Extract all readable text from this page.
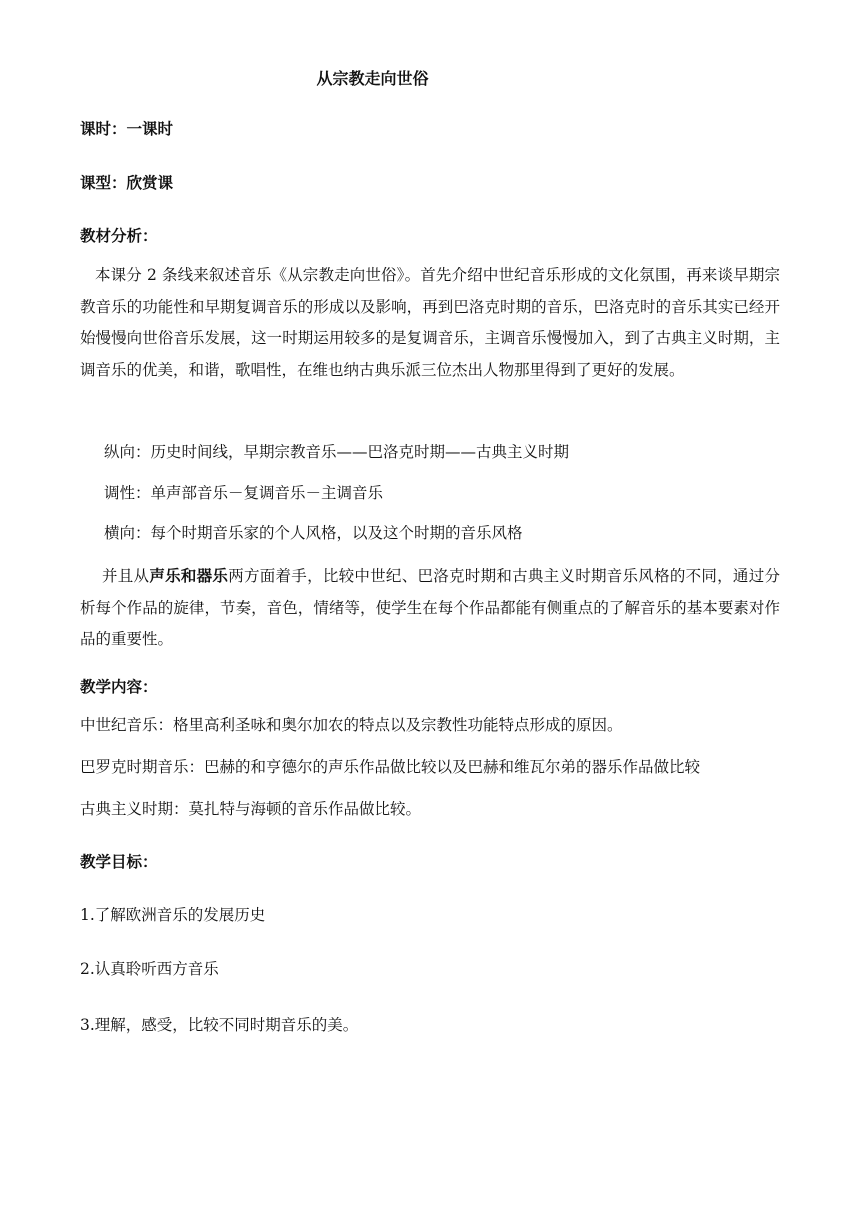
从宗教走向世俗
课时：一课时
课型：欣赏课
教材分析：
本课分 2 条线来叙述音乐《从宗教走向世俗》。首先介绍中世纪音乐形成的文化氛围，再来谈早期宗教音乐的功能性和早期复调音乐的形成以及影响，再到巴洛克时期的音乐，巴洛克时的音乐其实已经开始慢慢向世俗音乐发展，这一时期运用较多的是复调音乐，主调音乐慢慢加入，到了古典主义时期，主调音乐的优美，和谐，歌唱性，在维也纳古典乐派三位杰出人物那里得到了更好的发展。
纵向：历史时间线，早期宗教音乐——巴洛克时期——古典主义时期
调性：单声部音乐－复调音乐－主调音乐
横向：每个时期音乐家的个人风格，以及这个时期的音乐风格
并且从声乐和器乐两方面着手，比较中世纪、巴洛克时期和古典主义时期音乐风格的不同，通过分析每个作品的旋律，节奏，音色，情绪等，使学生在每个作品都能有侧重点的了解音乐的基本要素对作品的重要性。
教学内容：
中世纪音乐：格里高利圣咏和奥尔加农的特点以及宗教性功能特点形成的原因。
巴罗克时期音乐：巴赫的和亨德尔的声乐作品做比较以及巴赫和维瓦尔弟的器乐作品做比较
古典主义时期：莫扎特与海顿的音乐作品做比较。
教学目标：
1.了解欧洲音乐的发展历史
2.认真聆听西方音乐
3.理解，感受，比较不同时期音乐的美。
